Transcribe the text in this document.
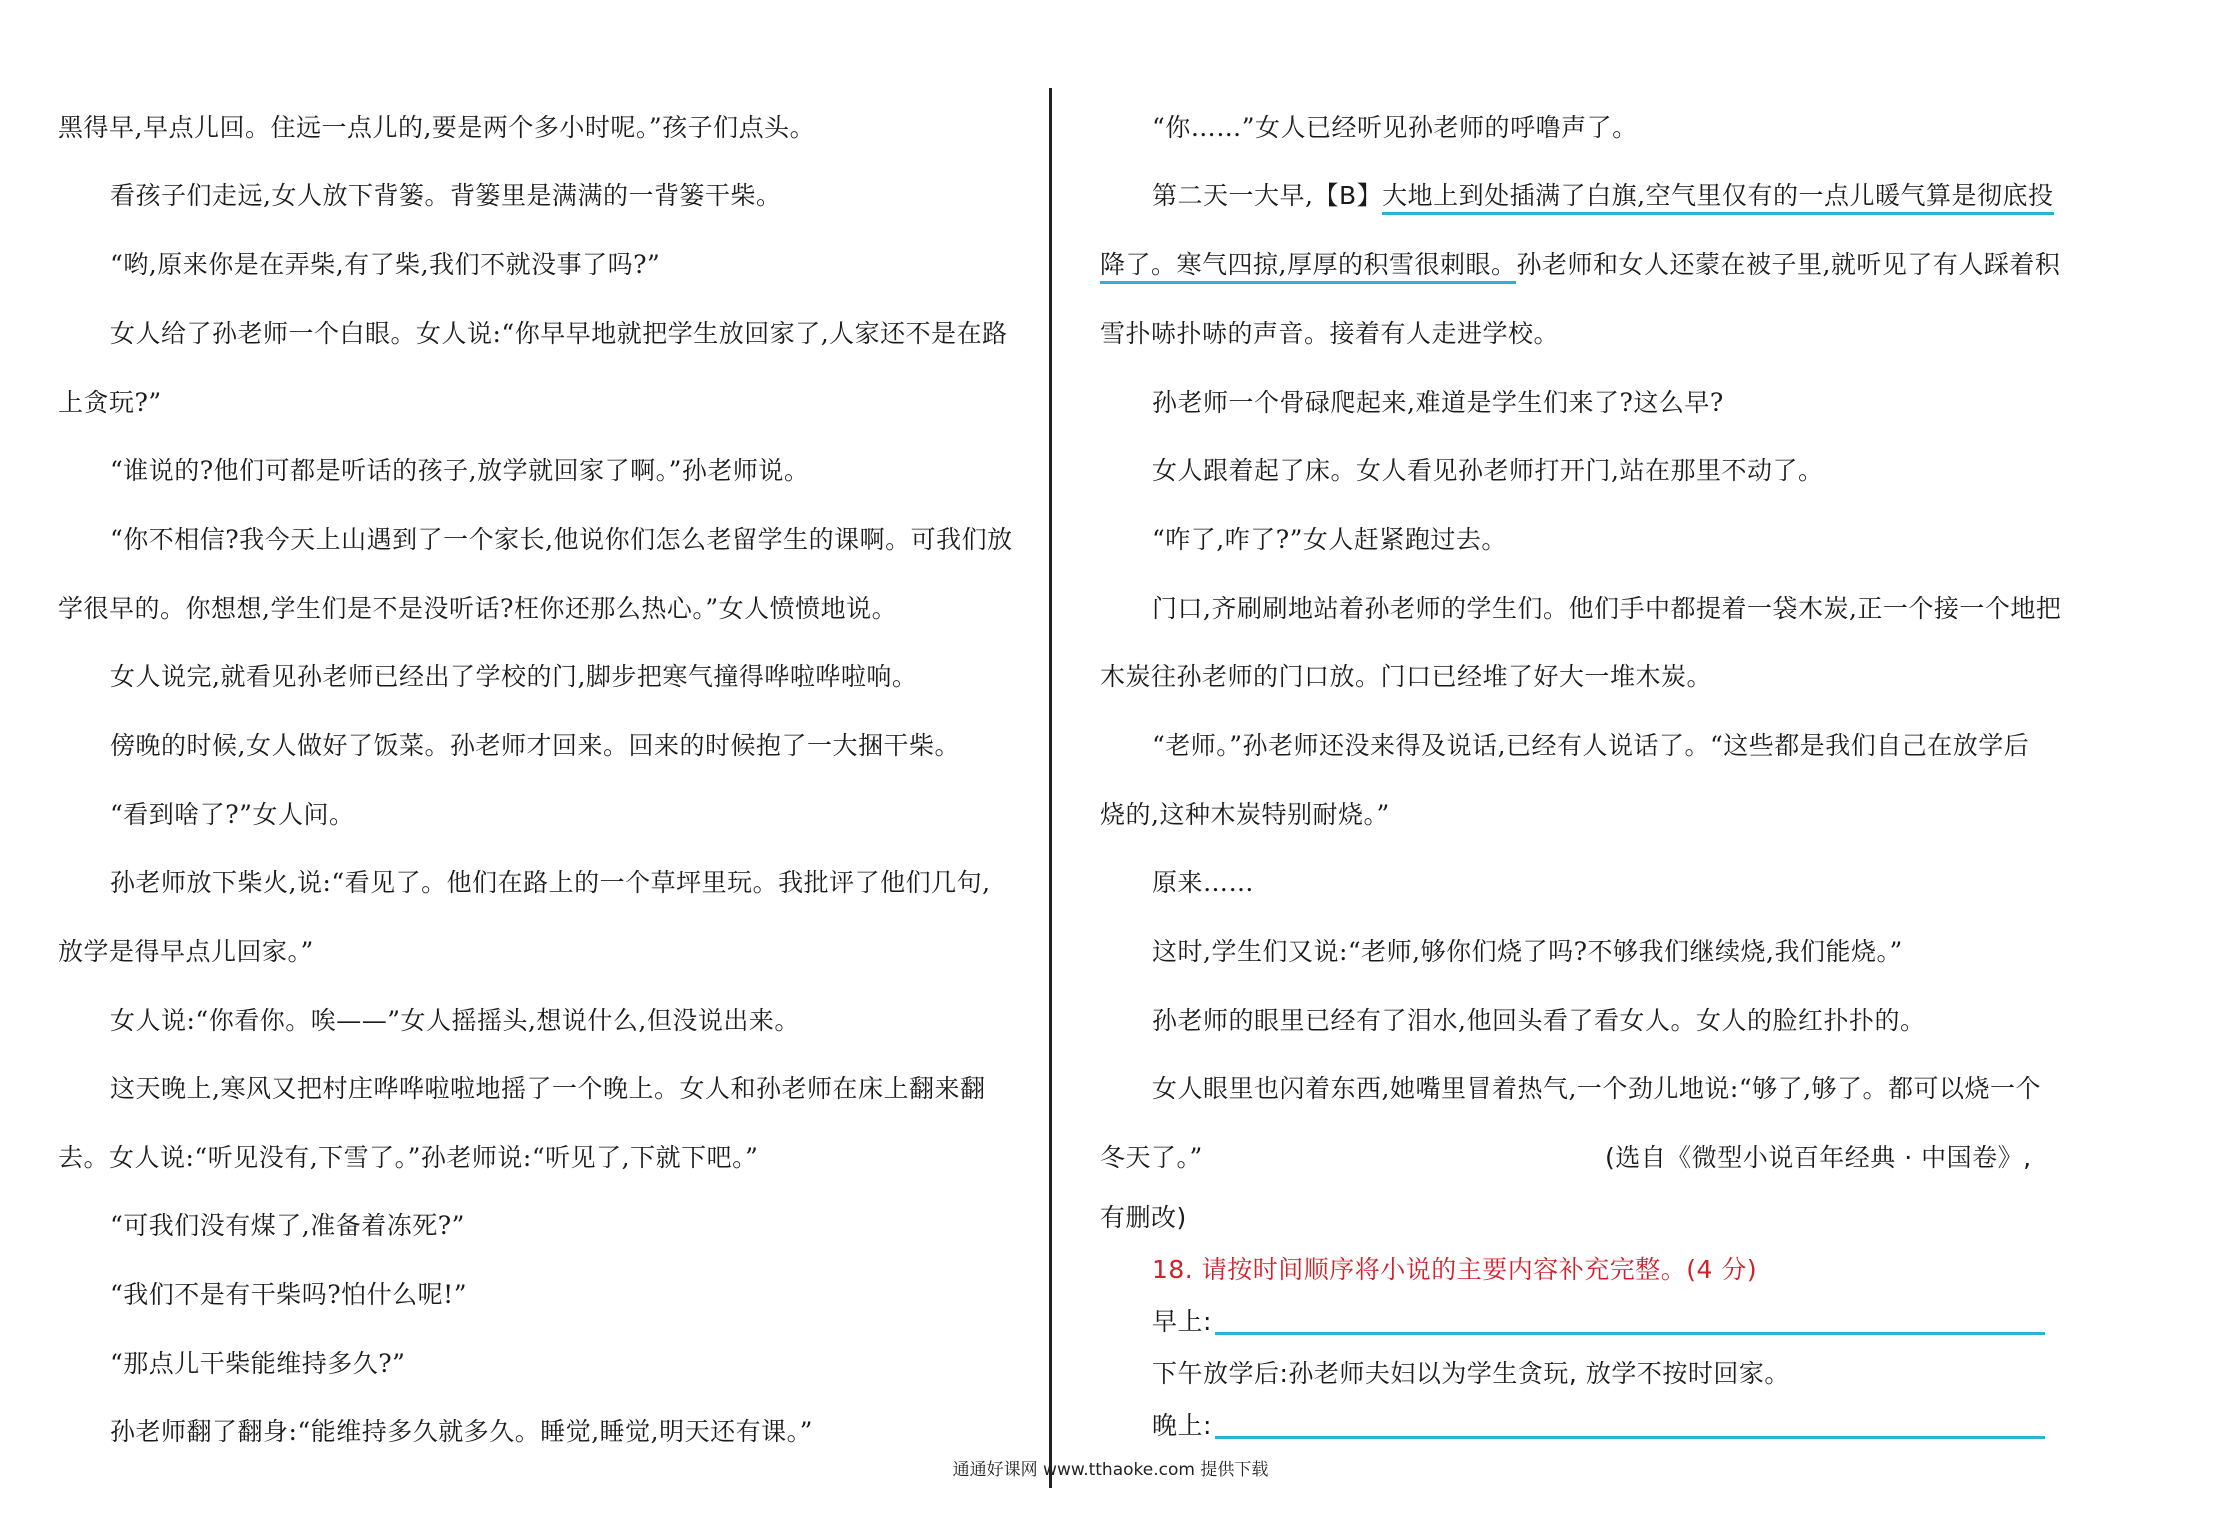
黑得早,早点儿回。住远一点儿的,要是两个多小时呢。”孩子们点头。
看孩子们走远,女人放下背篓。背篓里是满满的一背篓干柴。
“哟,原来你是在弄柴,有了柴,我们不就没事了吗?”
女人给了孙老师一个白眼。女人说:“你早早地就把学生放回家了,人家还不是在路
上贪玩?”
“谁说的?他们可都是听话的孩子,放学就回家了啊。”孙老师说。
“你不相信?我今天上山遇到了一个家长,他说你们怎么老留学生的课啊。可我们放
学很早的。你想想,学生们是不是没听话?枉你还那么热心。”女人愤愤地说。
女人说完,就看见孙老师已经出了学校的门,脚步把寒气撞得哗啦哗啦响。
傍晚的时候,女人做好了饭菜。孙老师才回来。回来的时候抱了一大捆干柴。
“看到啥了?”女人问。
孙老师放下柴火,说:“看见了。他们在路上的一个草坪里玩。我批评了他们几句,
放学是得早点儿回家。”
女人说:“你看你。唉——”女人摇摇头,想说什么,但没说出来。
这天晚上,寒风又把村庄哗哗啦啦地摇了一个晚上。女人和孙老师在床上翻来翻
去。女人说:“听见没有,下雪了。”孙老师说:“听见了,下就下吧。”
“可我们没有煤了,准备着冻死?”
“我们不是有干柴吗?怕什么呢!”
“那点儿干柴能维持多久?”
孙老师翻了翻身:“能维持多久就多久。睡觉,睡觉,明天还有课。”
“你……”女人已经听见孙老师的呼噜声了。
第二天一大早,【B】大地上到处插满了白旗,空气里仅有的一点儿暖气算是彻底投
降了。寒气四掠,厚厚的积雪很刺眼。孙老师和女人还蒙在被子里,就听见了有人踩着积
雪扑哧扑哧的声音。接着有人走进学校。
孙老师一个骨碌爬起来,难道是学生们来了?这么早?
女人跟着起了床。女人看见孙老师打开门,站在那里不动了。
“咋了,咋了?”女人赶紧跑过去。
门口,齐刷刷地站着孙老师的学生们。他们手中都提着一袋木炭,正一个接一个地把
木炭往孙老师的门口放。门口已经堆了好大一堆木炭。
“老师。”孙老师还没来得及说话,已经有人说话了。“这些都是我们自己在放学后
烧的,这种木炭特别耐烧。”
原来……
这时,学生们又说:“老师,够你们烧了吗?不够我们继续烧,我们能烧。”
孙老师的眼里已经有了泪水,他回头看了看女人。女人的脸红扑扑的。
女人眼里也闪着东西,她嘴里冒着热气,一个劲儿地说:“够了,够了。都可以烧一个
冬天了。”	(选自《微型小说百年经典 · 中国卷》,
有删改)
18. 请按时间顺序将小说的主要内容补充完整。(4 分)
早上:
下午放学后:孙老师夫妇以为学生贪玩, 放学不按时回家。
晚上:
通通好课网 www.tthaoke.com 提供下载
